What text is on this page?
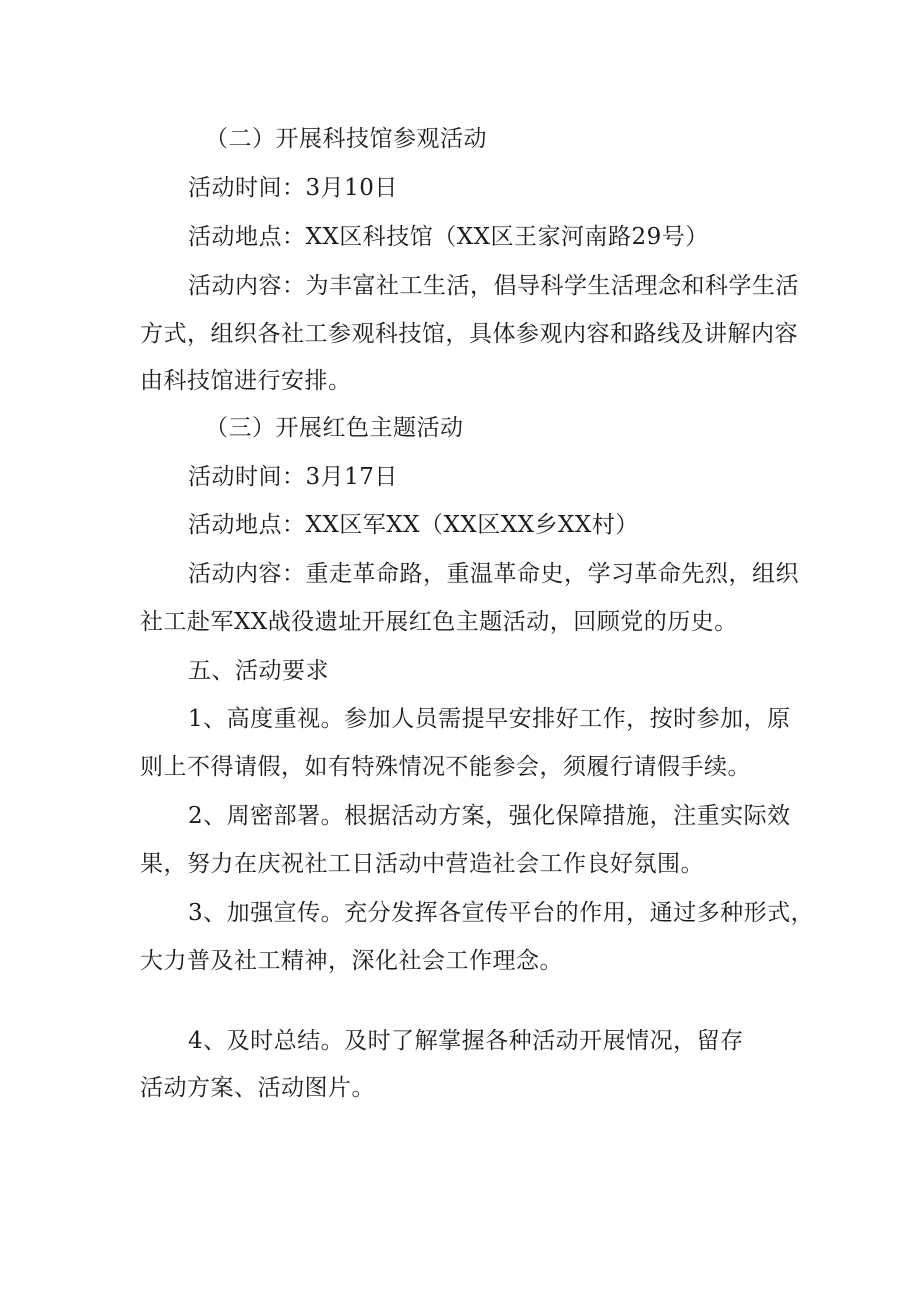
（二）开展科技馆参观活动
活动时间：3月10日
活动地点：XX区科技馆（XX区王家河南路29号）
活动内容：为丰富社工生活，倡导科学生活理念和科学生活
方式，组织各社工参观科技馆，具体参观内容和路线及讲解内容
由科技馆进行安排。
（三）开展红色主题活动
活动时间：3月17日
活动地点：XX区军XX（XX区XX乡XX村）
活动内容：重走革命路，重温革命史，学习革命先烈，组织
社工赴军XX战役遗址开展红色主题活动，回顾党的历史。
五、活动要求
1、高度重视。参加人员需提早安排好工作，按时参加，原
则上不得请假，如有特殊情况不能参会，须履行请假手续。
2、周密部署。根据活动方案，强化保障措施，注重实际效
果，努力在庆祝社工日活动中营造社会工作良好氛围。
3、加强宣传。充分发挥各宣传平台的作用，通过多种形式，
大力普及社工精神，深化社会工作理念。
4、及时总结。及时了解掌握各种活动开展情况，留存
活动方案、活动图片。
